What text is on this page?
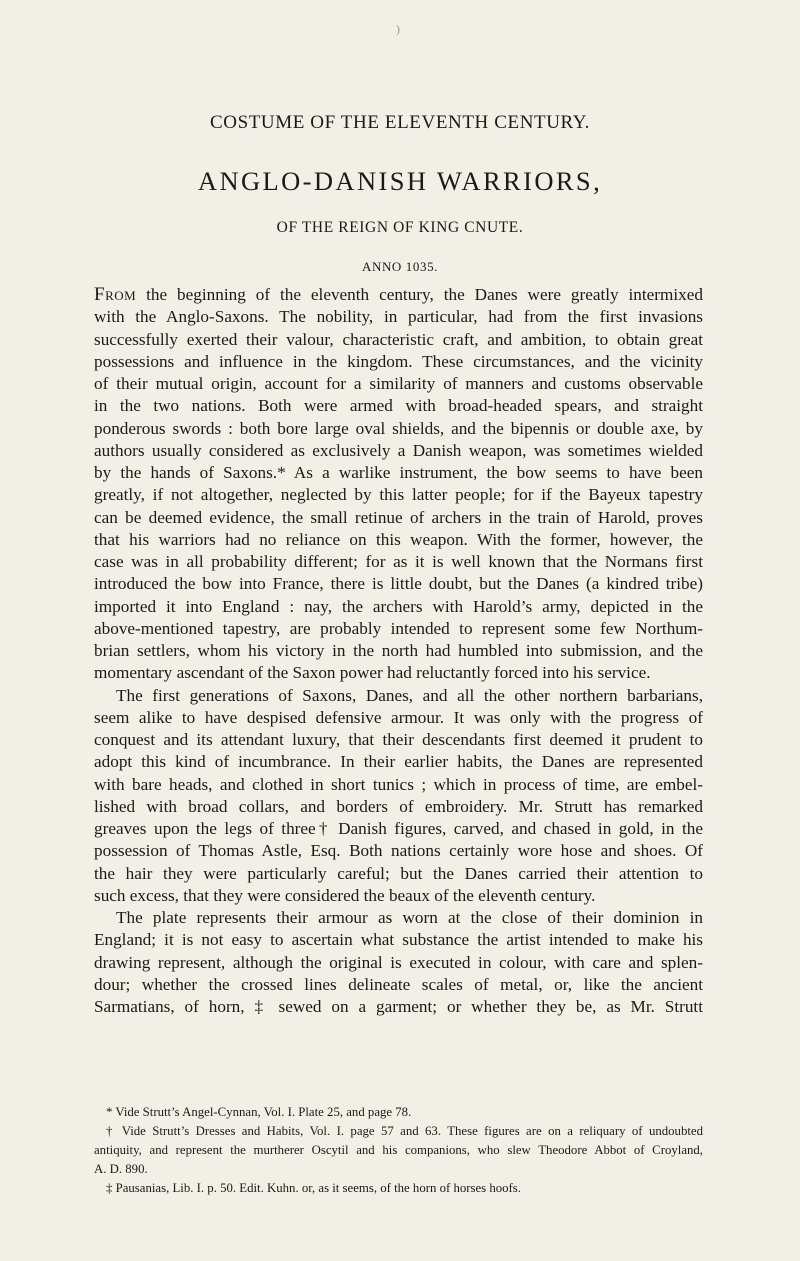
)
COSTUME OF THE ELEVENTH CENTURY.
ANGLO-DANISH WARRIORS,
OF THE REIGN OF KING CNUTE.
ANNO 1035.
From the beginning of the eleventh century, the Danes were greatly intermixed
with the Anglo-Saxons. The nobility, in particular, had from the first invasions
successfully exerted their valour, characteristic craft, and ambition, to obtain great
possessions and influence in the kingdom. These circumstances, and the vicinity
of their mutual origin, account for a similarity of manners and customs observable
in the two nations. Both were armed with broad-headed spears, and straight
ponderous swords : both bore large oval shields, and the bipennis or double axe, by
authors usually considered as exclusively a Danish weapon, was sometimes wielded
by the hands of Saxons.* As a warlike instrument, the bow seems to have been
greatly, if not altogether, neglected by this latter people; for if the Bayeux tapestry
can be deemed evidence, the small retinue of archers in the train of Harold, proves
that his warriors had no reliance on this weapon. With the former, however, the
case was in all probability different; for as it is well known that the Normans first
introduced the bow into France, there is little doubt, but the Danes (a kindred tribe)
imported it into England : nay, the archers with Harold’s army, depicted in the
above-mentioned tapestry, are probably intended to represent some few Northum-
brian settlers, whom his victory in the north had humbled into submission, and the
momentary ascendant of the Saxon power had reluctantly forced into his service.
The first generations of Saxons, Danes, and all the other northern barbarians,
seem alike to have despised defensive armour. It was only with the progress of
conquest and its attendant luxury, that their descendants first deemed it prudent to
adopt this kind of incumbrance. In their earlier habits, the Danes are represented
with bare heads, and clothed in short tunics ; which in process of time, are embel-
lished with broad collars, and borders of embroidery. Mr. Strutt has remarked
greaves upon the legs of three† Danish figures, carved, and chased in gold, in the
possession of Thomas Astle, Esq. Both nations certainly wore hose and shoes. Of
the hair they were particularly careful; but the Danes carried their attention to
such excess, that they were considered the beaux of the eleventh century.
The plate represents their armour as worn at the close of their dominion in
England; it is not easy to ascertain what substance the artist intended to make his
drawing represent, although the original is executed in colour, with care and splen-
dour; whether the crossed lines delineate scales of metal, or, like the ancient
Sarmatians, of horn, ‡ sewed on a garment; or whether they be, as Mr. Strutt
* Vide Strutt’s Angel-Cynnan, Vol. I. Plate 25, and page 78.
† Vide Strutt’s Dresses and Habits, Vol. I. page 57 and 63. These figures are on a reliquary of undoubted
antiquity, and represent the murtherer Oscytil and his companions, who slew Theodore Abbot of Croyland,
A. D. 890.
‡ Pausanias, Lib. I. p. 50. Edit. Kuhn. or, as it seems, of the horn of horses hoofs.
